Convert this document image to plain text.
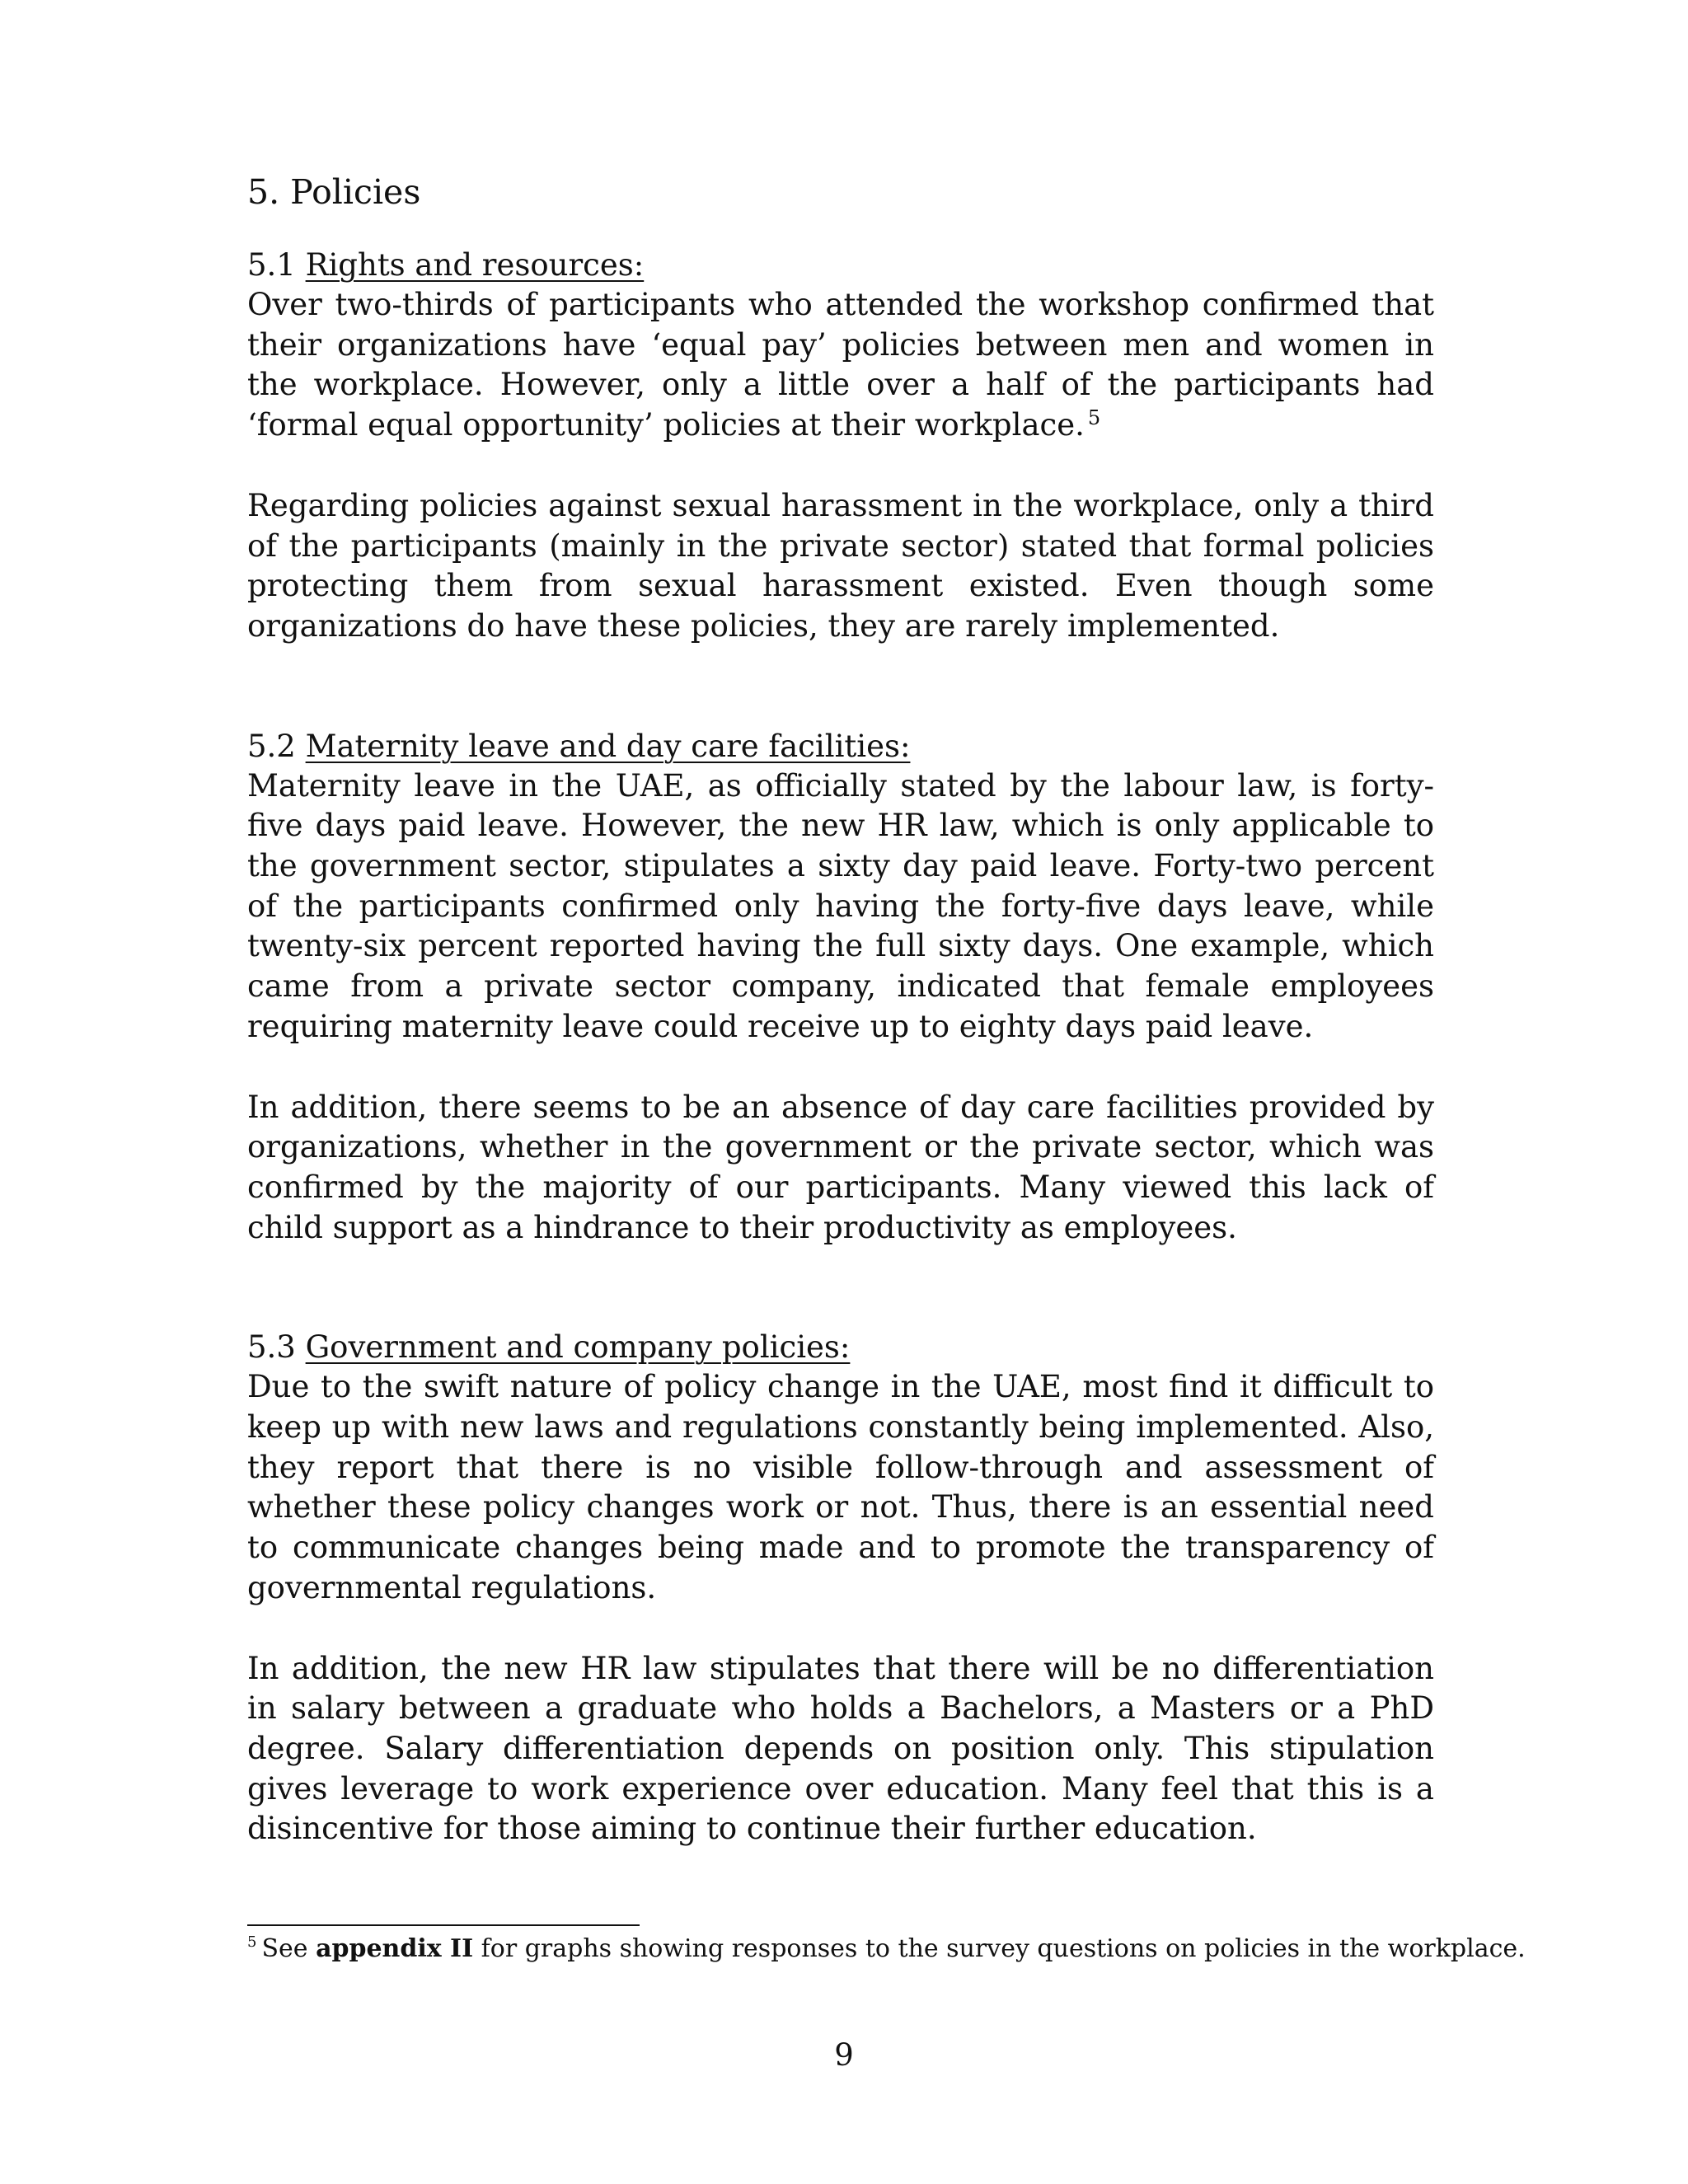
5. Policies
5.1 Rights and resources:

Over two-thirds of participants who attended the workshop confirmed that their organizations have ‘equal pay’ policies between men and women in the workplace. However, only a little over a half of the participants had ‘formal equal opportunity’ policies at their workplace. $^5$

Regarding policies against sexual harassment in the workplace, only a third of the participants (mainly in the private sector) stated that formal policies protecting them from sexual harassment existed. Even though some organizations do have these policies, they are rarely implemented.

5.2 Maternity leave and day care facilities:

Maternity leave in the UAE, as officially stated by the labour law, is forty-five days paid leave. However, the new HR law, which is only applicable to the government sector, stipulates a sixty day paid leave. Forty-two percent of the participants confirmed only having the forty-five days leave, while twenty-six percent reported having the full sixty days. One example, which came from a private sector company, indicated that female employees requiring maternity leave could receive up to eighty days paid leave.

In addition, there seems to be an absence of day care facilities provided by organizations, whether in the government or the private sector, which was confirmed by the majority of our participants. Many viewed this lack of child support as a hindrance to their productivity as employees.

5.3 Government and company policies:

Due to the swift nature of policy change in the UAE, most find it difficult to keep up with new laws and regulations constantly being implemented. Also, they report that there is no visible follow-through and assessment of whether these policy changes work or not. Thus, there is an essential need to communicate changes being made and to promote the transparency of governmental regulations.

In addition, the new HR law stipulates that there will be no differentiation in salary between a graduate who holds a Bachelors, a Masters or a PhD degree. Salary differentiation depends on position only. This stipulation gives leverage to work experience over education. Many feel that this is a disincentive for those aiming to continue their further education.

$^5$ See appendix II for graphs showing responses to the survey questions on policies in the workplace.
9
